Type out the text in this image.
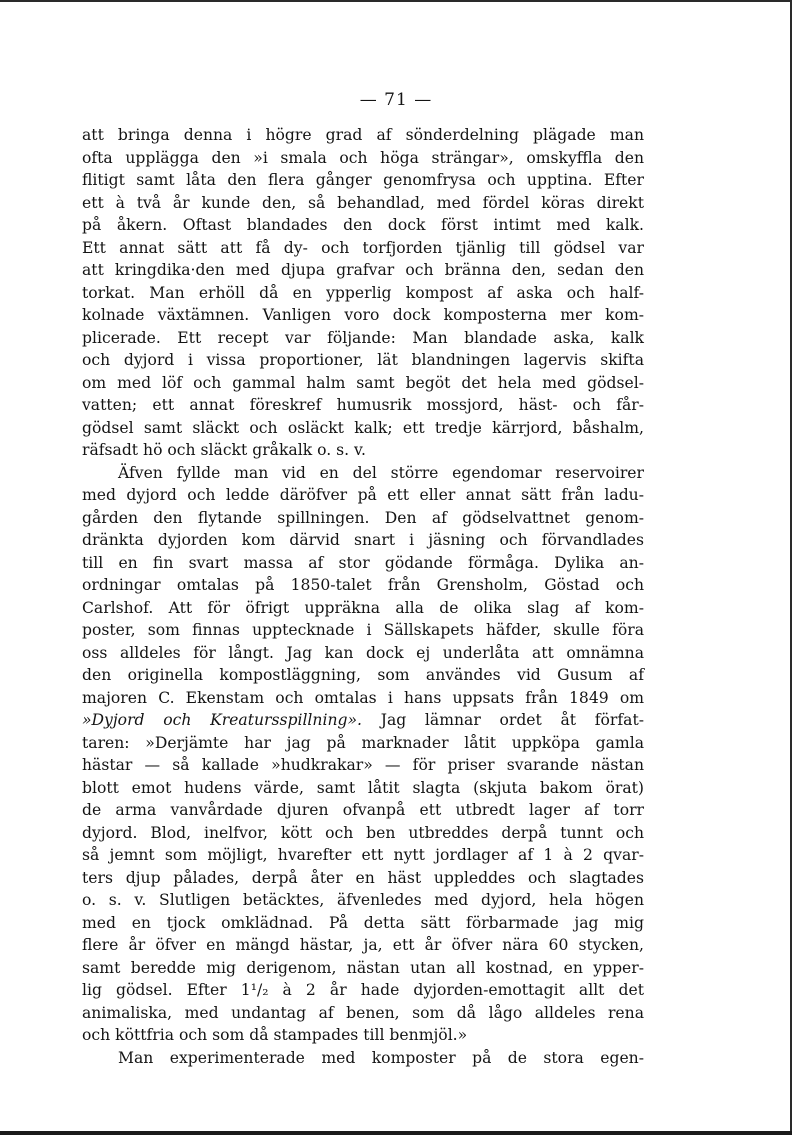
— 71 —
att bringa denna i högre grad af sönderdelning plägade man
ofta upplägga den »i smala och höga strängar», omskyffla den
flitigt samt låta den flera gånger genomfrysa och upptina. Efter
ett à två år kunde den, så behandlad, med fördel köras direkt
på åkern. Oftast blandades den dock först intimt med kalk.
Ett annat sätt att få dy- och torfjorden tjänlig till gödsel var
att kringdika·den med djupa grafvar och bränna den, sedan den
torkat. Man erhöll då en ypperlig kompost af aska och half-
kolnade växtämnen. Vanligen voro dock komposterna mer kom-
plicerade. Ett recept var följande: Man blandade aska, kalk
och dyjord i vissa proportioner, lät blandningen lagervis skifta
om med löf och gammal halm samt begöt det hela med gödsel-
vatten; ett annat föreskref humusrik mossjord, häst- och får-
gödsel samt släckt och osläckt kalk; ett tredje kärrjord, båshalm,
räfsadt hö och släckt gråkalk o. s. v.
Äfven fyllde man vid en del större egendomar reservoirer
med dyjord och ledde däröfver på ett eller annat sätt från ladu-
gården den flytande spillningen. Den af gödselvattnet genom-
dränkta dyjorden kom därvid snart i jäsning och förvandlades
till en fin svart massa af stor gödande förmåga. Dylika an-
ordningar omtalas på 1850-talet från Grensholm, Göstad och
Carlshof. Att för öfrigt uppräkna alla de olika slag af kom-
poster, som finnas upptecknade i Sällskapets häfder, skulle föra
oss alldeles för långt. Jag kan dock ej underlåta att omnämna
den originella kompostläggning, som användes vid Gusum af
majoren C. Ekenstam och omtalas i hans uppsats från 1849 om
»Dyjord och Kreatursspillning». Jag lämnar ordet åt förfat-
taren: »Derjämte har jag på marknader låtit uppköpa gamla
hästar — så kallade »hudkrakar» — för priser svarande nästan
blott emot hudens värde, samt låtit slagta (skjuta bakom örat)
de arma vanvårdade djuren ofvanpå ett utbredt lager af torr
dyjord. Blod, inelfvor, kött och ben utbreddes derpå tunnt och
så jemnt som möjligt, hvarefter ett nytt jordlager af 1 à 2 qvar-
ters djup pålades, derpå åter en häst uppleddes och slagtades
o. s. v. Slutligen betäcktes, äfvenledes med dyjord, hela högen
med en tjock omklädnad. På detta sätt förbarmade jag mig
flere år öfver en mängd hästar, ja, ett år öfver nära 60 stycken,
samt beredde mig derigenom, nästan utan all kostnad, en ypper-
lig gödsel. Efter 1¹/₂ à 2 år hade dyjorden-emottagit allt det
animaliska, med undantag af benen, som då lågo alldeles rena
och köttfria och som då stampades till benmjöl.»
Man experimenterade med komposter på de stora egen-
